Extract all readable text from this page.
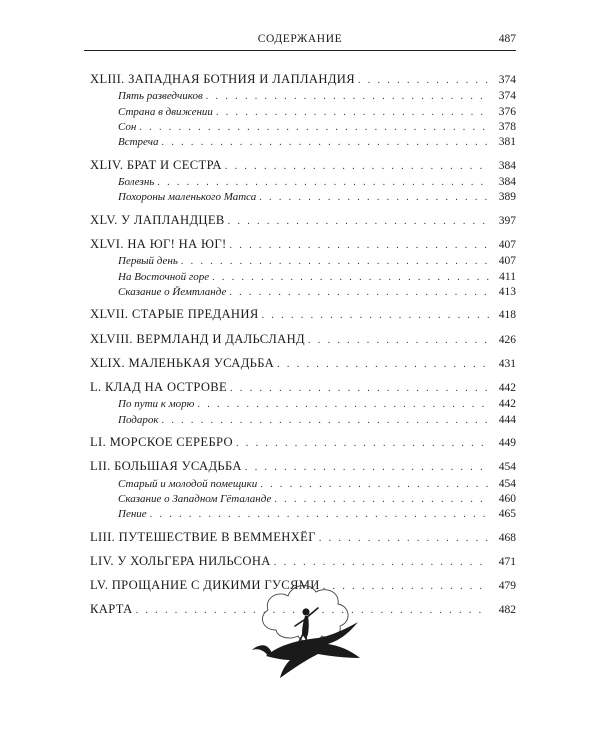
СОДЕРЖАНИЕ	487
XLIII. ЗАПАДНАЯ БОТНИЯ И ЛАПЛАНДИЯ . . .	374
Пять разведчиков . . .	374
Страна в движении . . .	376
Сон . . .	378
Встреча . . .	381
XLIV. БРАТ И СЕСТРА . . .	384
Болезнь . . .	384
Похороны маленького Матса . . .	389
XLV. У ЛАПЛАНДЦЕВ . . .	397
XLVI. НА ЮГ! НА ЮГ! . . .	407
Первый день . . .	407
На Восточной горе . . .	411
Сказание о Йемтланде . . .	413
XLVII. СТАРЫЕ ПРЕДАНИЯ . . .	418
XLVIII. ВЕРМЛАНД И ДАЛЬСЛАНД . . .	426
XLIX. МАЛЕНЬКАЯ УСАДЬБА . . .	431
L. КЛАД НА ОСТРОВЕ . . .	442
По пути к морю . . .	442
Подарок . . .	444
LI. МОРСКОЕ СЕРЕБРО . . .	449
LII. БОЛЬШАЯ УСАДЬБА . . .	454
Старый и молодой помещики . . .	454
Сказание о Западном Гёталанде . . .	460
Пение . . .	465
LIII. ПУТЕШЕСТВИЕ В ВЕММЕНХЁГ . . .	468
LIV. У ХОЛЬГЕРА НИЛЬСОНА . . .	471
LV. ПРОЩАНИЕ С ДИКИМИ ГУСЯМИ . . .	479
КАРТА . . .	482
